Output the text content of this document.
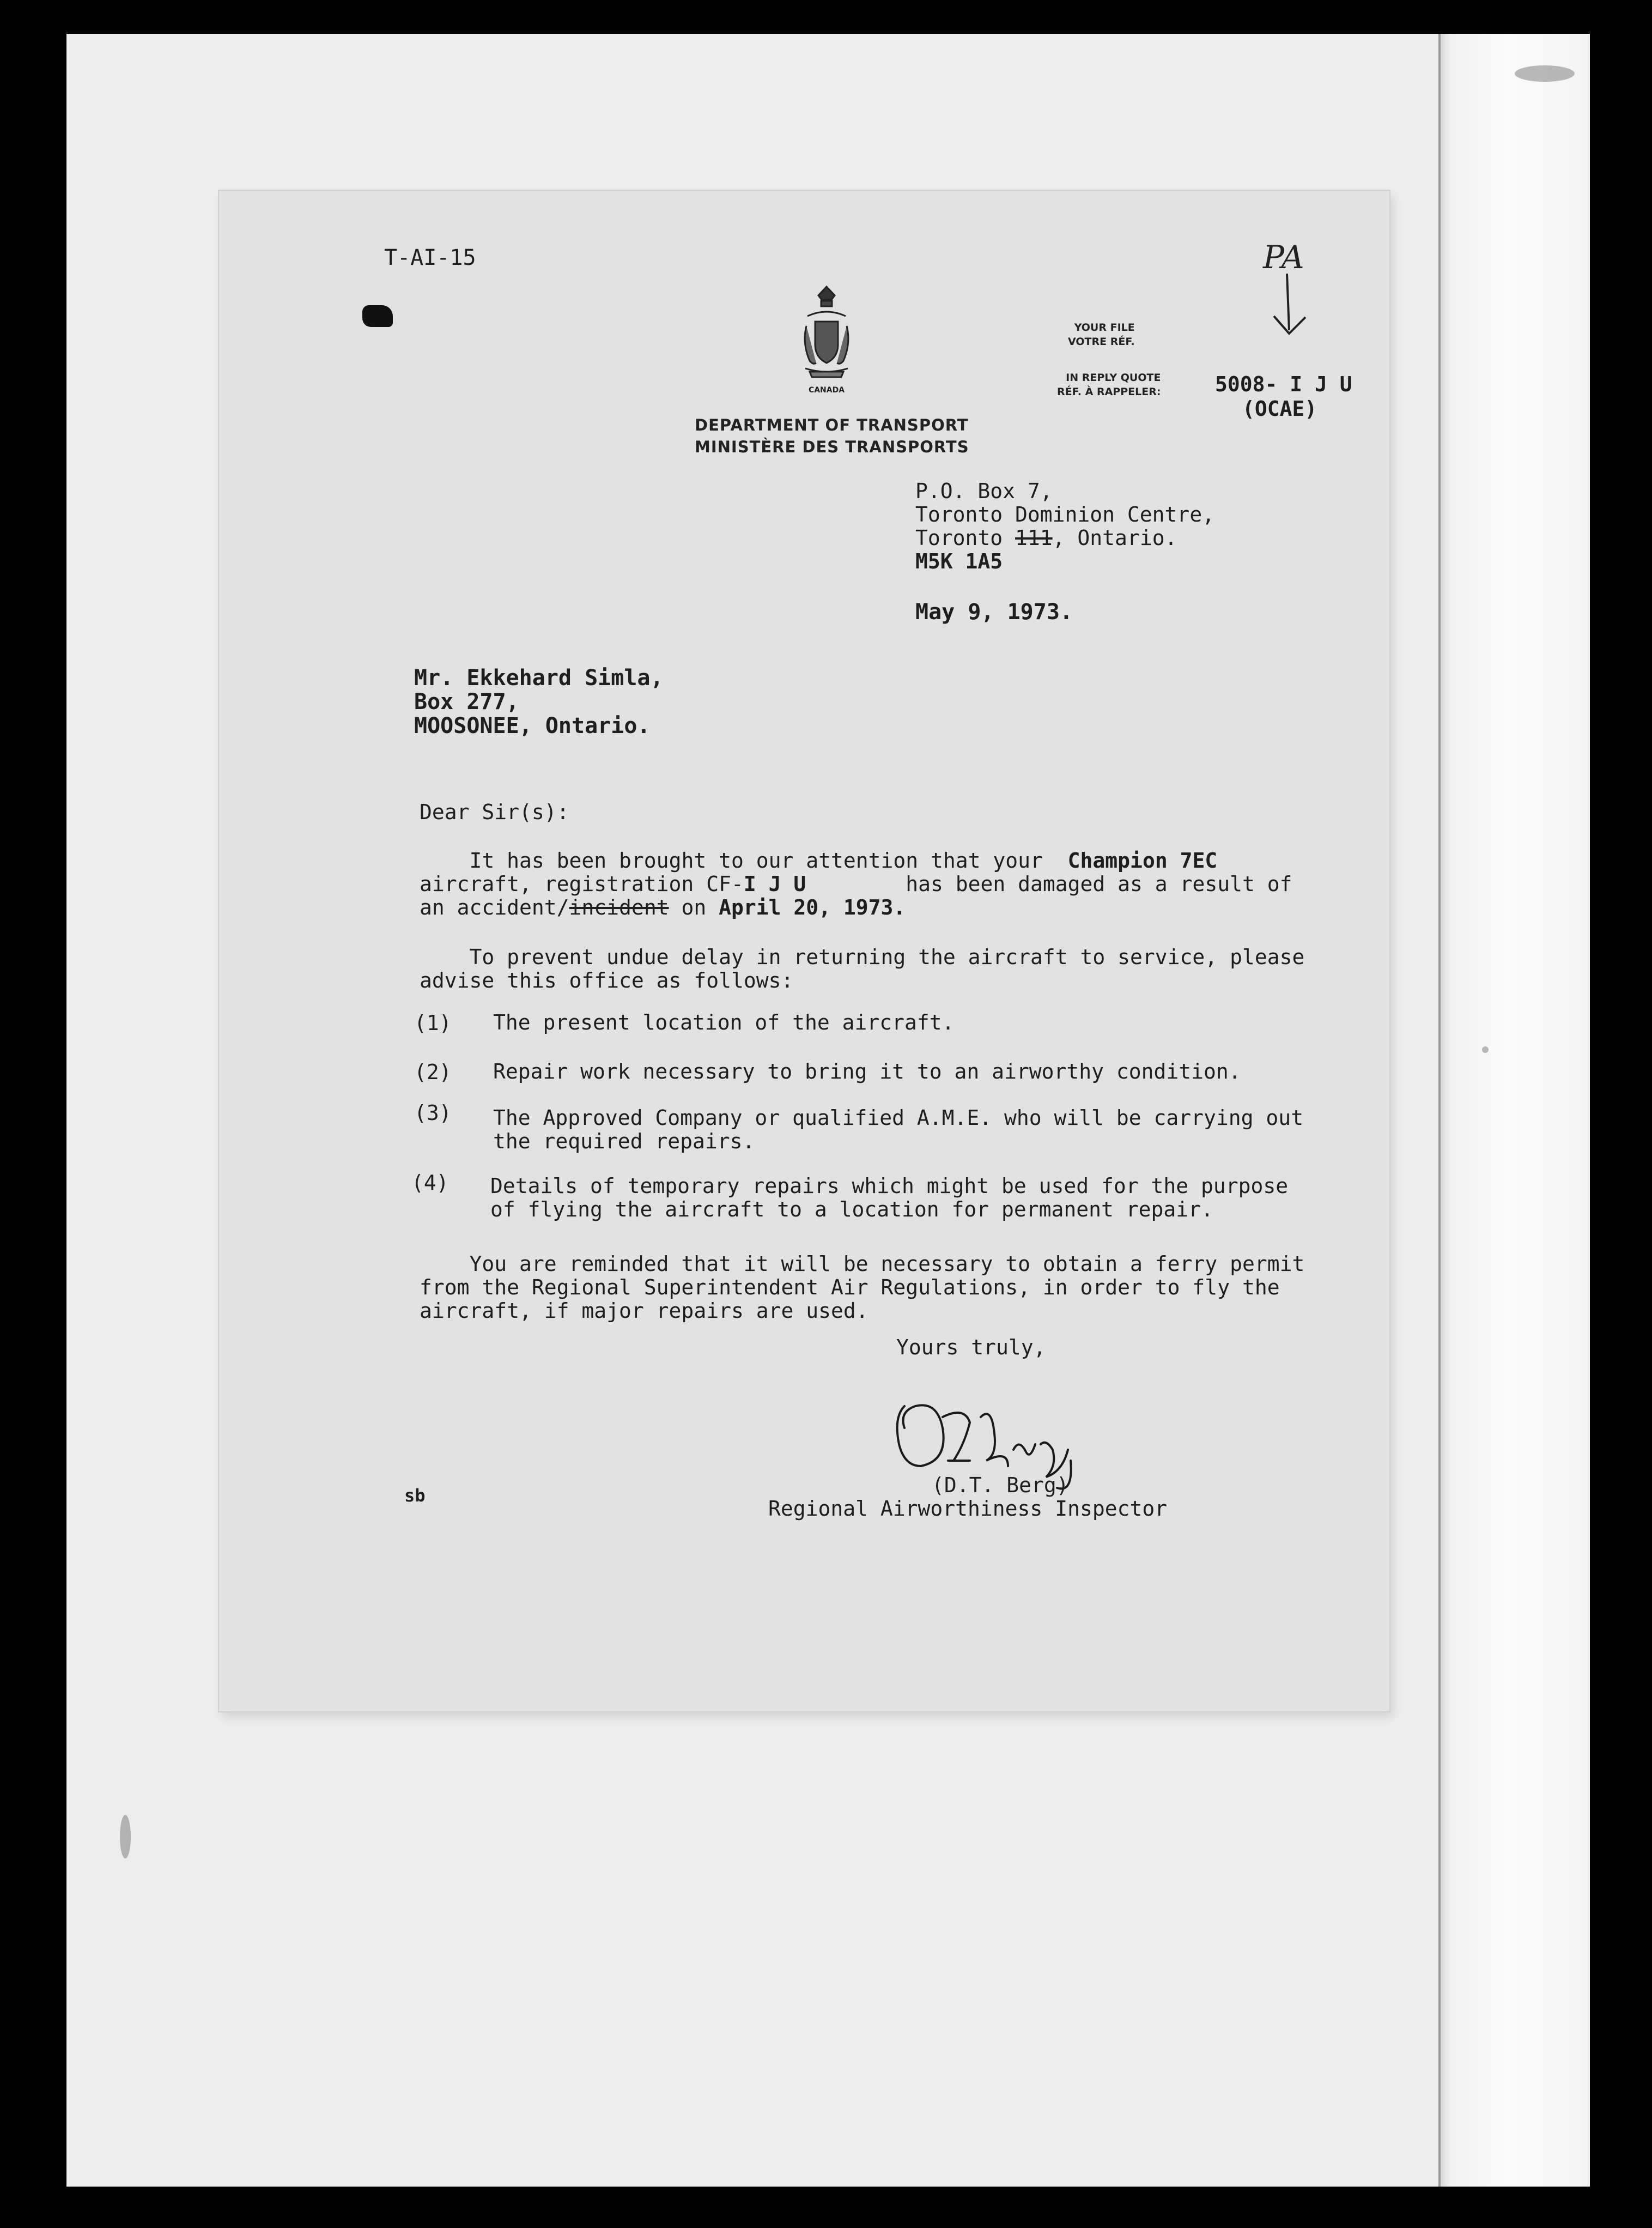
T-AI-15
CANADA
DEPARTMENT OF TRANSPORT
MINISTÈRE DES TRANSPORTS
YOUR FILE
VOTRE RÉF.
IN REPLY QUOTE
RÉF. À RAPPELER:	5008- I J U
(OCAE)
PA
P.O. Box 7,
Toronto Dominion Centre,
Toronto 111, Ontario.
M5K 1A5
May 9, 1973.
Mr. Ekkehard Simla,
Box 277,
MOOSONEE, Ontario.
Dear Sir(s):
It has been brought to our attention that your Champion 7EC
aircraft, registration CF-I J U	has been damaged as a result of
an accident/incident on April 20, 1973.
To prevent undue delay in returning the aircraft to service, please
advise this office as follows:
(1) The present location of the aircraft.
(2) Repair work necessary to bring it to an airworthy condition.
(3) The Approved Company or qualified A.M.E. who will be carrying out
the required repairs.
(4) Details of temporary repairs which might be used for the purpose
of flying the aircraft to a location for permanent repair.
You are reminded that it will be necessary to obtain a ferry permit
from the Regional Superintendent Air Regulations, in order to fly the
aircraft, if major repairs are used.
Yours truly,
D.T. Berg (D.T. Berg)
Regional Airworthiness Inspector
sb
